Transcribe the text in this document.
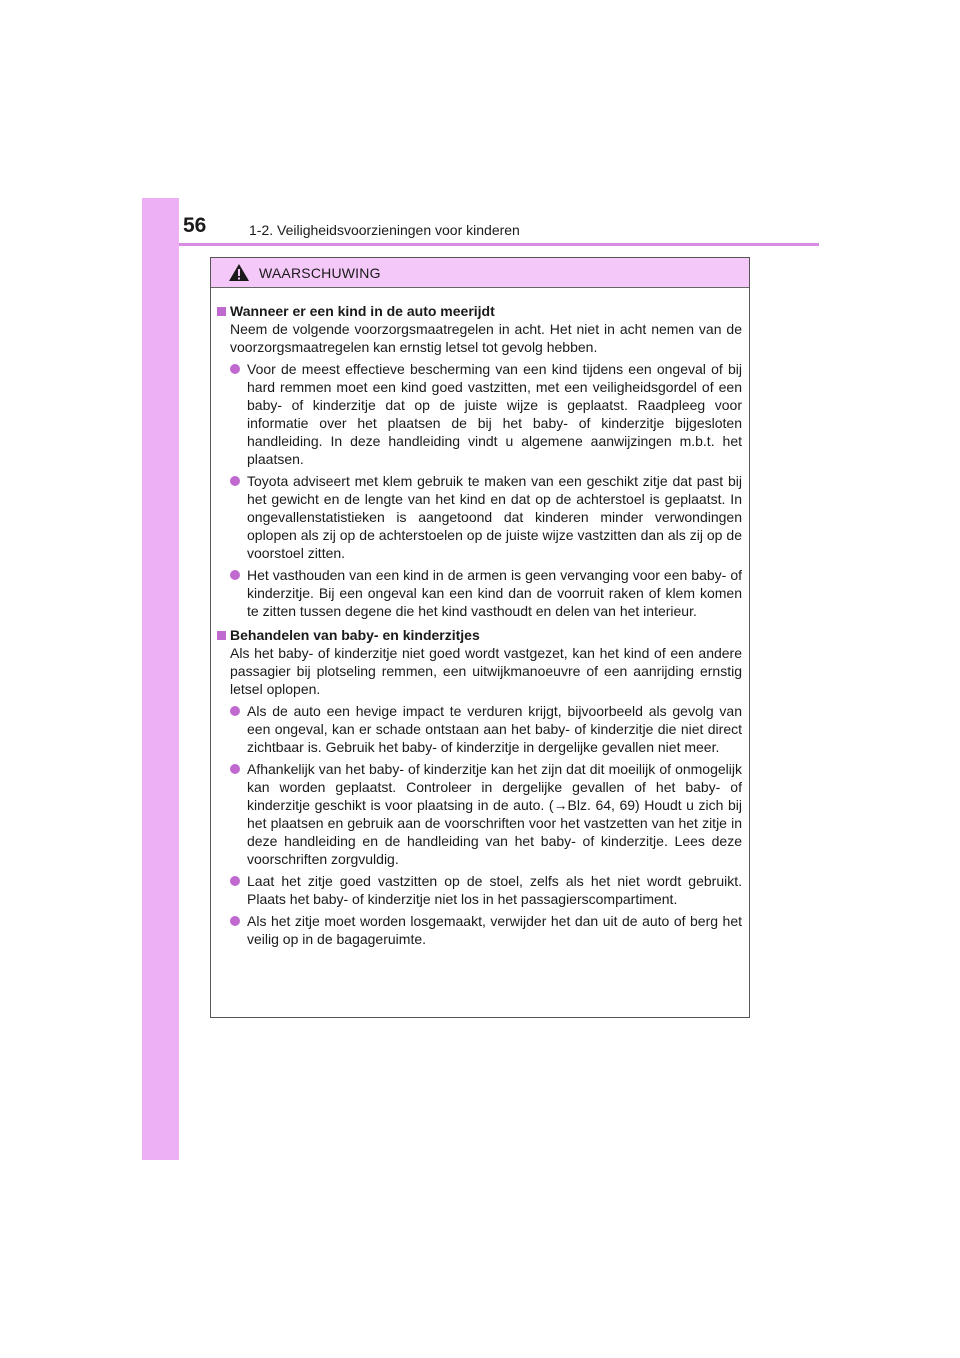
56	1-2. Veiligheidsvoorzieningen voor kinderen
WAARSCHUWING
Wanneer er een kind in de auto meerijdt

Neem de volgende voorzorgsmaatregelen in acht. Het niet in acht nemen van de voorzorgsmaatregelen kan ernstig letsel tot gevolg hebben.

Voor de meest effectieve bescherming van een kind tijdens een ongeval of bij hard remmen moet een kind goed vastzitten, met een veiligheidsgordel of een baby- of kinderzitje dat op de juiste wijze is geplaatst. Raadpleeg voor informatie over het plaatsen de bij het baby- of kinderzitje bijgesloten handleiding. In deze handleiding vindt u algemene aanwijzingen m.b.t. het plaatsen.

Toyota adviseert met klem gebruik te maken van een geschikt zitje dat past bij het gewicht en de lengte van het kind en dat op de achterstoel is geplaatst. In ongevallenstatistieken is aangetoond dat kinderen minder verwondingen oplopen als zij op de achterstoelen op de juiste wijze vastzitten dan als zij op de voorstoel zitten.

Het vasthouden van een kind in de armen is geen vervanging voor een baby- of kinderzitje. Bij een ongeval kan een kind dan de voorruit raken of klem komen te zitten tussen degene die het kind vasthoudt en delen van het interieur.

Behandelen van baby- en kinderzitjes

Als het baby- of kinderzitje niet goed wordt vastgezet, kan het kind of een andere passagier bij plotseling remmen, een uitwijkmanoeuvre of een aanrijding ernstig letsel oplopen.

Als de auto een hevige impact te verduren krijgt, bijvoorbeeld als gevolg van een ongeval, kan er schade ontstaan aan het baby- of kinderzitje die niet direct zichtbaar is. Gebruik het baby- of kinderzitje in dergelijke gevallen niet meer.

Afhankelijk van het baby- of kinderzitje kan het zijn dat dit moeilijk of onmogelijk kan worden geplaatst. Controleer in dergelijke gevallen of het baby- of kinderzitje geschikt is voor plaatsing in de auto. (→Blz. 64, 69) Houdt u zich bij het plaatsen en gebruik aan de voorschriften voor het vastzetten van het zitje in deze handleiding en de handleiding van het baby- of kinderzitje. Lees deze voorschriften zorgvuldig.

Laat het zitje goed vastzitten op de stoel, zelfs als het niet wordt gebruikt. Plaats het baby- of kinderzitje niet los in het passagierscompartiment.

Als het zitje moet worden losgemaakt, verwijder het dan uit de auto of berg het veilig op in de bagageruimte.
